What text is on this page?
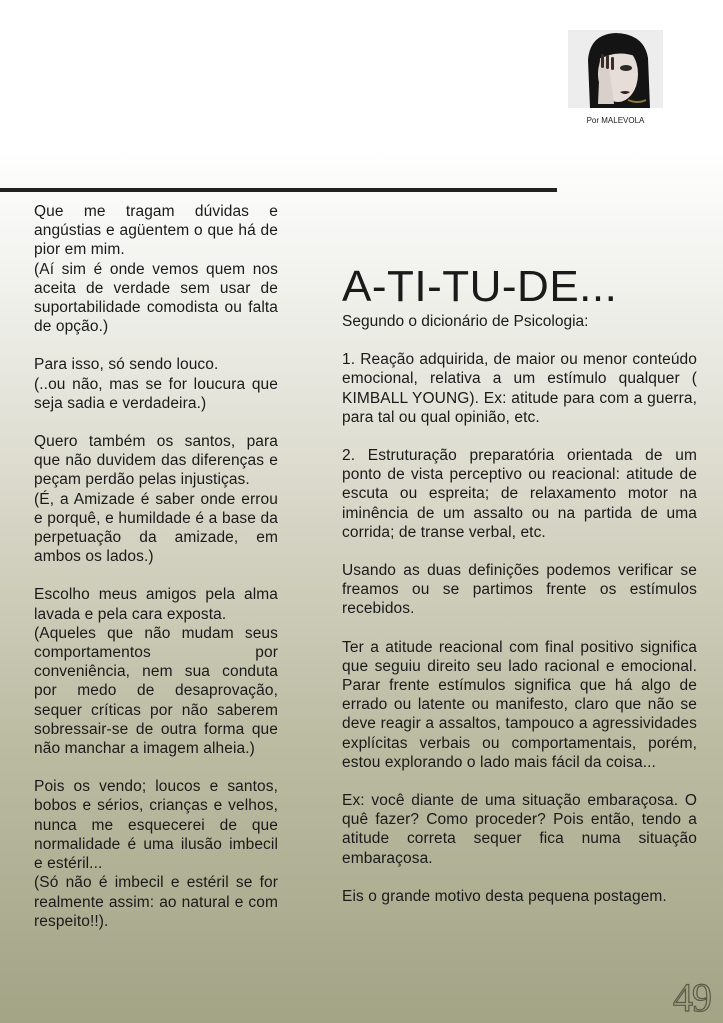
Por MALEVOLA

Que me tragam dúvidas e angústias e agüentem o que há de pior em mim.

(Aí sim é onde vemos quem nos aceita de verdade sem usar de suportabilidade comodista ou falta de opção.)

Para isso, só sendo louco.

(..ou não, mas se for loucura que seja sadia e verdadeira.)

Quero também os santos, para que não duvidem das diferenças e peçam perdão pelas injustiças.

(É, a Amizade é saber onde errou e porquê, e humildade é a base da perpetuação da amizade, em ambos os lados.)

Escolho meus amigos pela alma lavada e pela cara exposta.

(Aqueles que não mudam seus comportamentos por conveniência, nem sua conduta por medo de desaprovação, sequer críticas por não saberem sobressair-se de outra forma que não manchar a imagem alheia.)

Pois os vendo; loucos e santos, bobos e sérios, crianças e velhos, nunca me esquecerei de que normalidade é uma ilusão imbecil e estéril...

(Só não é imbecil e estéril se for realmente assim: ao natural e com respeito!!).

A-TI-TU-DE...

Segundo o dicionário de Psicologia:

1. Reação adquirida, de maior ou menor conteúdo emocional, relativa a um estímulo qualquer ( KIMBALL YOUNG). Ex: atitude para com a guerra, para tal ou qual opinião, etc.

2. Estruturação preparatória orientada de um ponto de vista perceptivo ou reacional: atitude de escuta ou espreita; de relaxamento motor na iminência de um assalto ou na partida de uma corrida; de transe verbal, etc.

Usando as duas definições podemos verificar se freamos ou se partimos frente os estímulos recebidos.

Ter a atitude reacional com final positivo significa que seguiu direito seu lado racional e emocional. Parar frente estímulos significa que há algo de errado ou latente ou manifesto, claro que não se deve reagir a assaltos, tampouco a agressividades explícitas verbais ou comportamentais, porém, estou explorando o lado mais fácil da coisa...

Ex: você diante de uma situação embaraçosa. O quê fazer? Como proceder? Pois então, tendo a atitude correta sequer fica numa situação embaraçosa.

Eis o grande motivo desta pequena postagem.

49
